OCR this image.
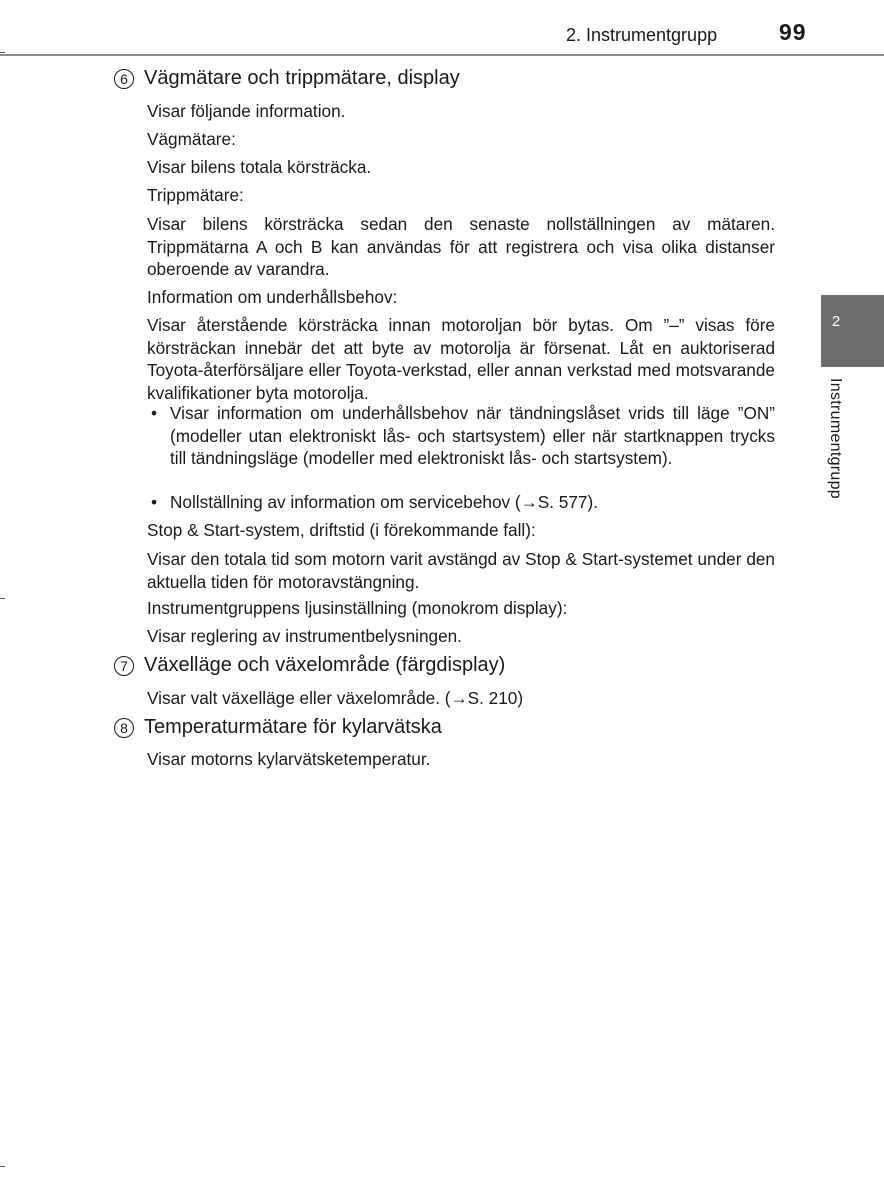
2. Instrumentgrupp	99
2
Instrumentgrupp
6 Vägmätare och trippmätare, display

Visar följande information.

Vägmätare:

Visar bilens totala körsträcka.

Trippmätare:

Visar bilens körsträcka sedan den senaste nollställningen av mätaren. Trippmätarna A och B kan användas för att registrera och visa olika distanser oberoende av varandra.

Information om underhållsbehov:

Visar återstående körsträcka innan motoroljan bör bytas. Om ”–” visas före körsträckan innebär det att byte av motorolja är försenat. Låt en auktoriserad Toyota-återförsäljare eller Toyota-verkstad, eller annan verkstad med motsvarande kvalifikationer byta motorolja.

• Visar information om underhållsbehov när tändningslåset vrids till läge ”ON” (modeller utan elektroniskt lås- och startsystem) eller när startknappen trycks till tändningsläge (modeller med elektroniskt lås- och startsystem).
• Nollställning av information om servicebehov (→S. 577).

Stop & Start-system, driftstid (i förekommande fall):

Visar den totala tid som motorn varit avstängd av Stop & Start-systemet under den aktuella tiden för motoravstängning.

Instrumentgruppens ljusinställning (monokrom display):

Visar reglering av instrumentbelysningen.

7 Växelläge och växelområde (färgdisplay)

Visar valt växelläge eller växelområde. (→S. 210)

8 Temperaturmätare för kylarvätska

Visar motorns kylarvätsketemperatur.
